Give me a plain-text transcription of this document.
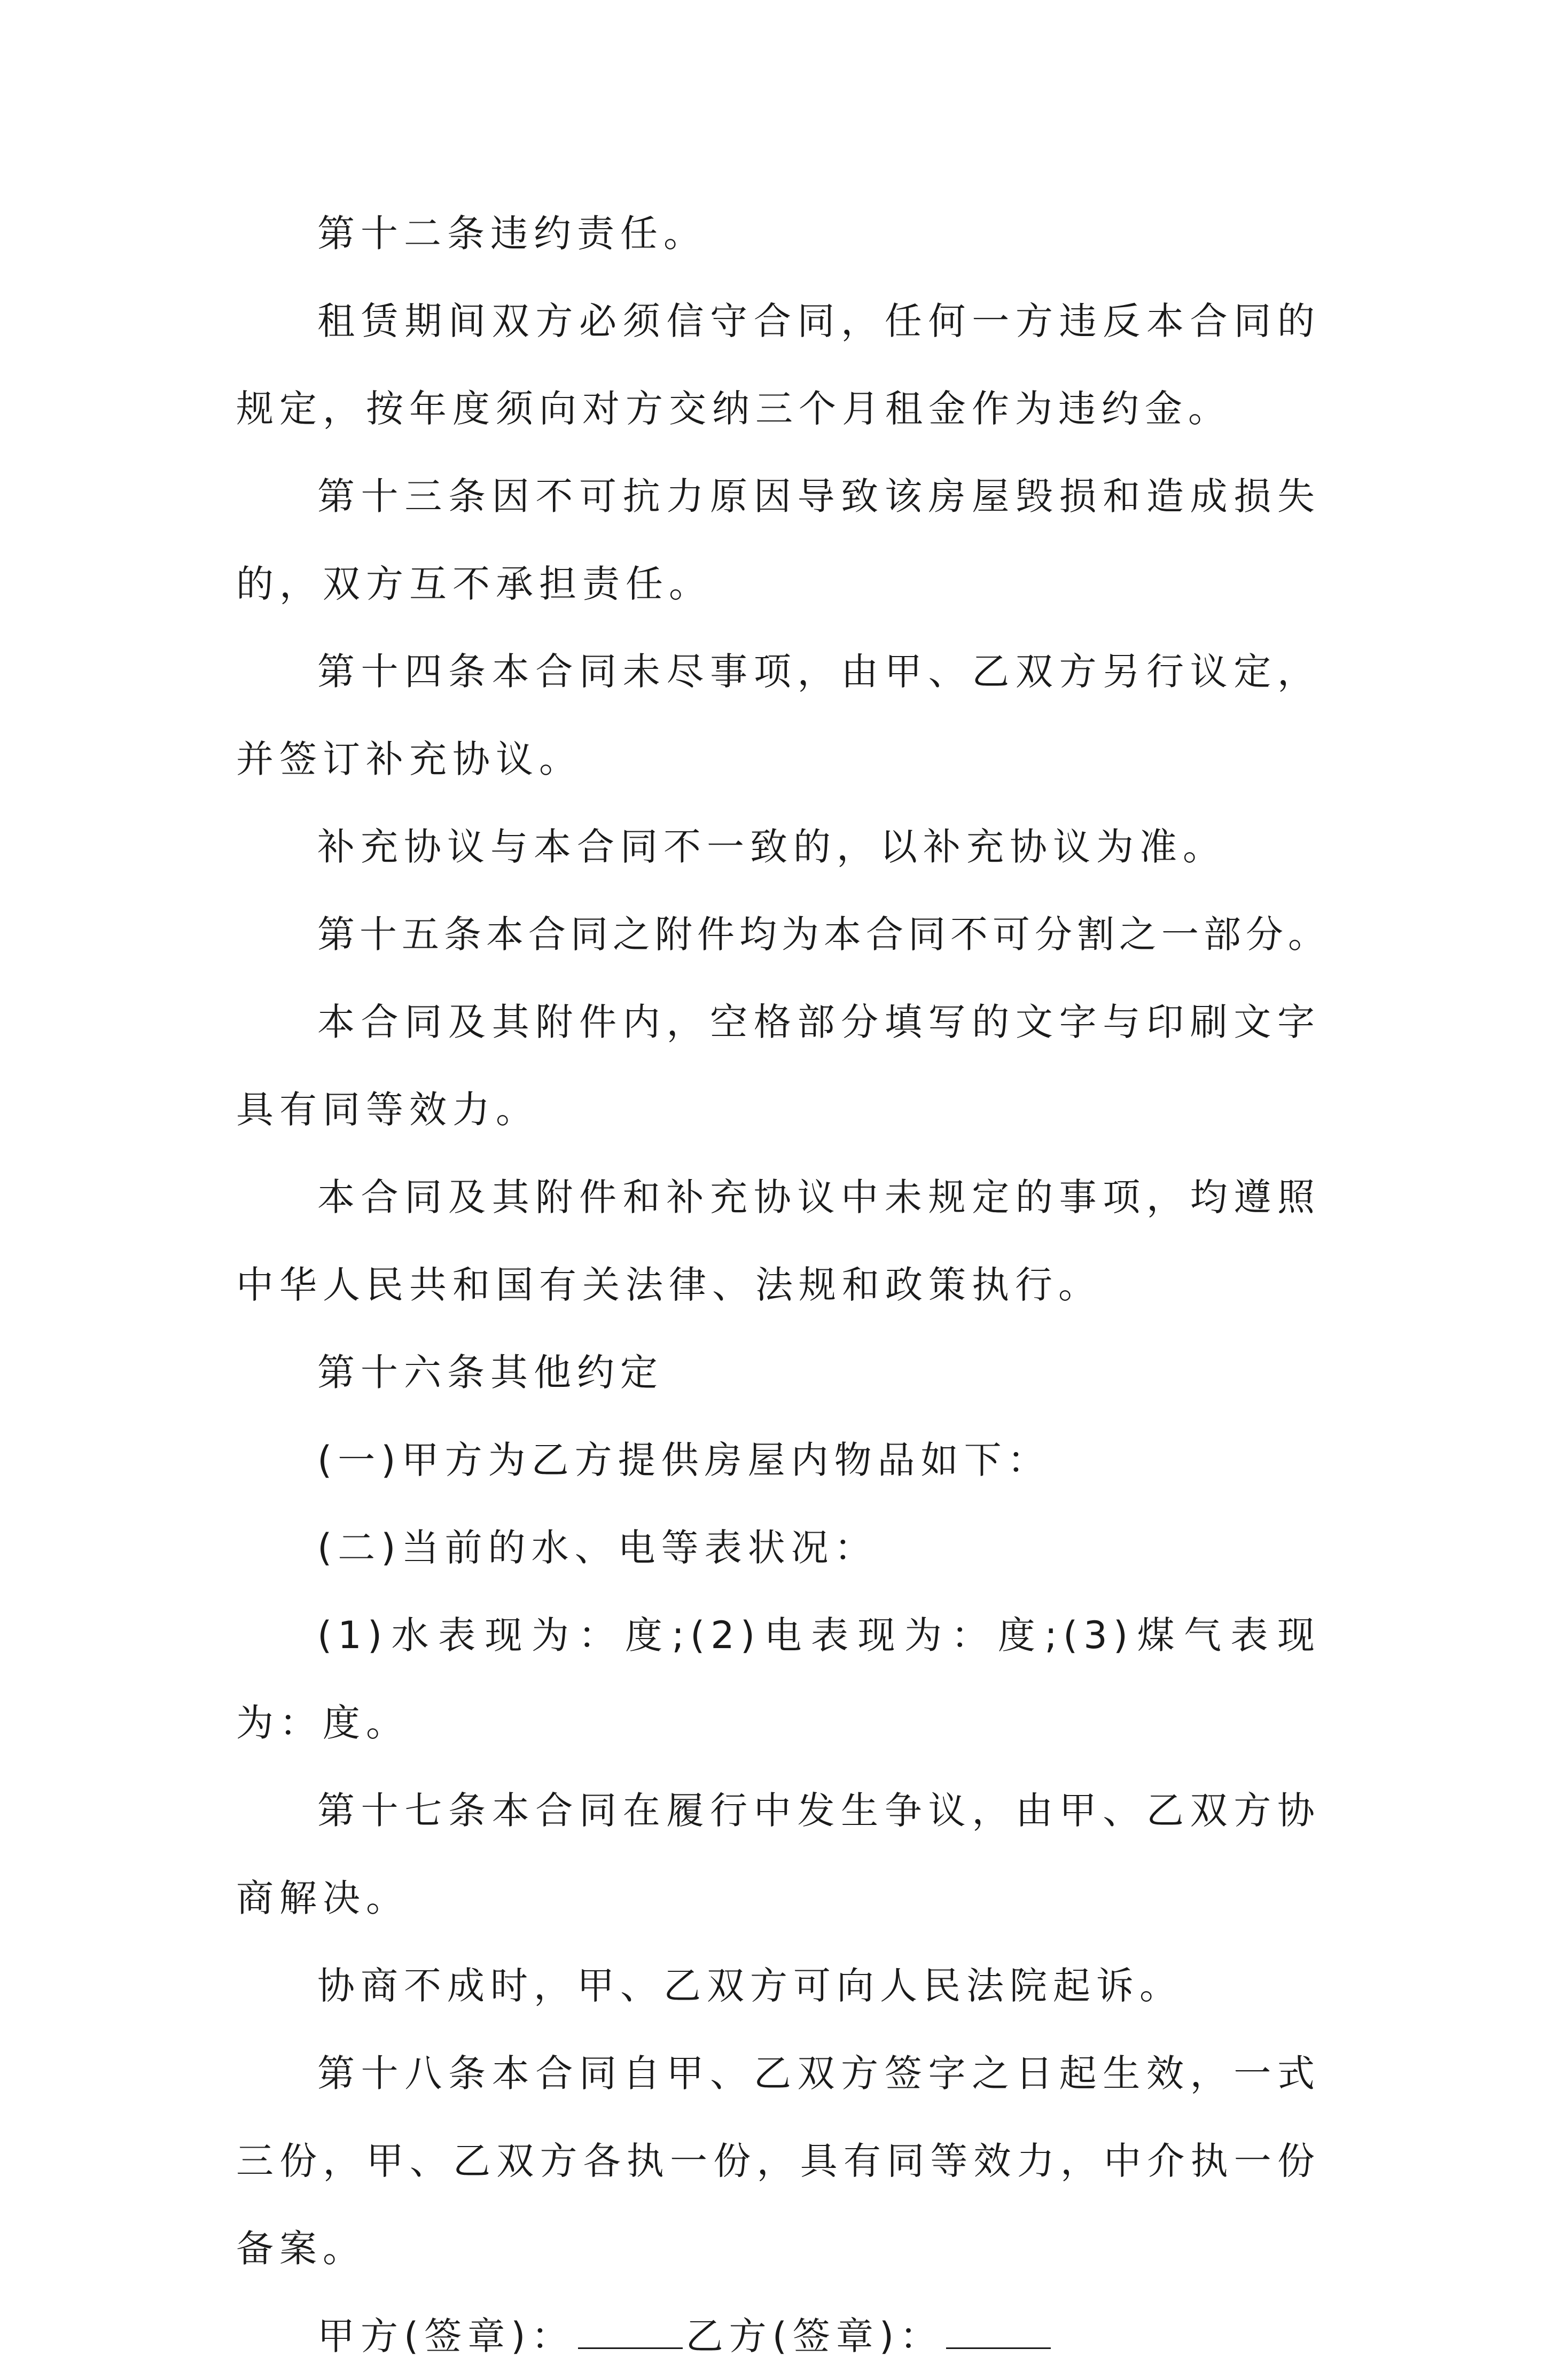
第十二条违约责任。

租赁期间双方必须信守合同，任何一方违反本合同的规定，按年度须向对方交纳三个月租金作为违约金。

第十三条因不可抗力原因导致该房屋毁损和造成损失的，双方互不承担责任。

第十四条本合同未尽事项，由甲、乙双方另行议定，并签订补充协议。

补充协议与本合同不一致的，以补充协议为准。

第十五条本合同之附件均为本合同不可分割之一部分。

本合同及其附件内，空格部分填写的文字与印刷文字具有同等效力。

本合同及其附件和补充协议中未规定的事项，均遵照中华人民共和国有关法律、法规和政策执行。

第十六条其他约定

(一)甲方为乙方提供房屋内物品如下：

(二)当前的水、电等表状况：

(1)水表现为：度;(2)电表现为：度;(3)煤气表现为：度。

第十七条本合同在履行中发生争议，由甲、乙双方协商解决。

协商不成时，甲、乙双方可向人民法院起诉。

第十八条本合同自甲、乙双方签字之日起生效，一式三份，甲、乙双方各执一份，具有同等效力，中介执一份备案。

甲方(签章)：	乙方(签章)：
